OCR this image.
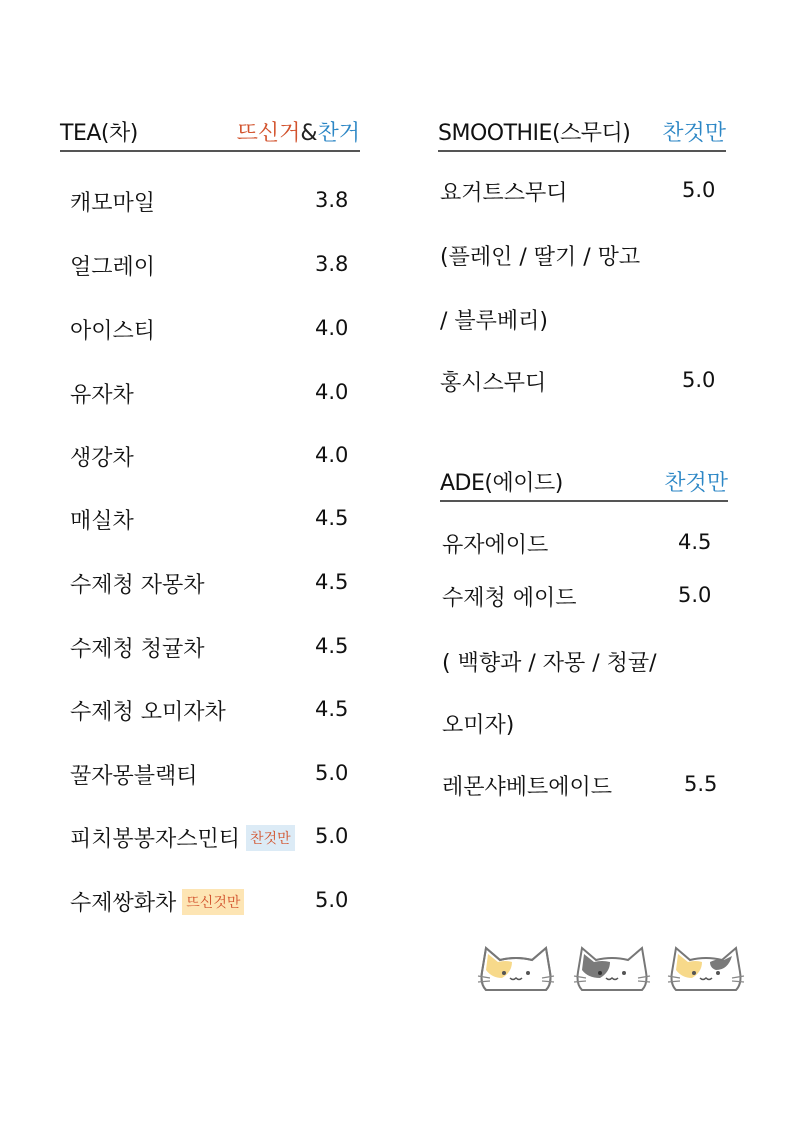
TEA(차)	뜨신거&찬거
캐모마일	3.8
얼그레이	3.8
아이스티	4.0
유자차	4.0
생강차	4.0
매실차	4.5
수제청 자몽차	4.5
수제청 청귤차	4.5
수제청 오미자차	4.5
꿀자몽블랙티	5.0
피치봉봉자스민티 찬것만 5.0
수제쌍화차 뜨신것만	5.0
SMOOTHIE(스무디) 찬것만
요거트스무디	5.0
(플레인 / 딸기 / 망고
/ 블루베리)
홍시스무디	5.0
ADE(에이드)	찬것만
유자에이드	4.5
수제청 에이드	5.0
( 백향과 / 자몽 / 청귤/
오미자)
레몬샤베트에이드	5.5
